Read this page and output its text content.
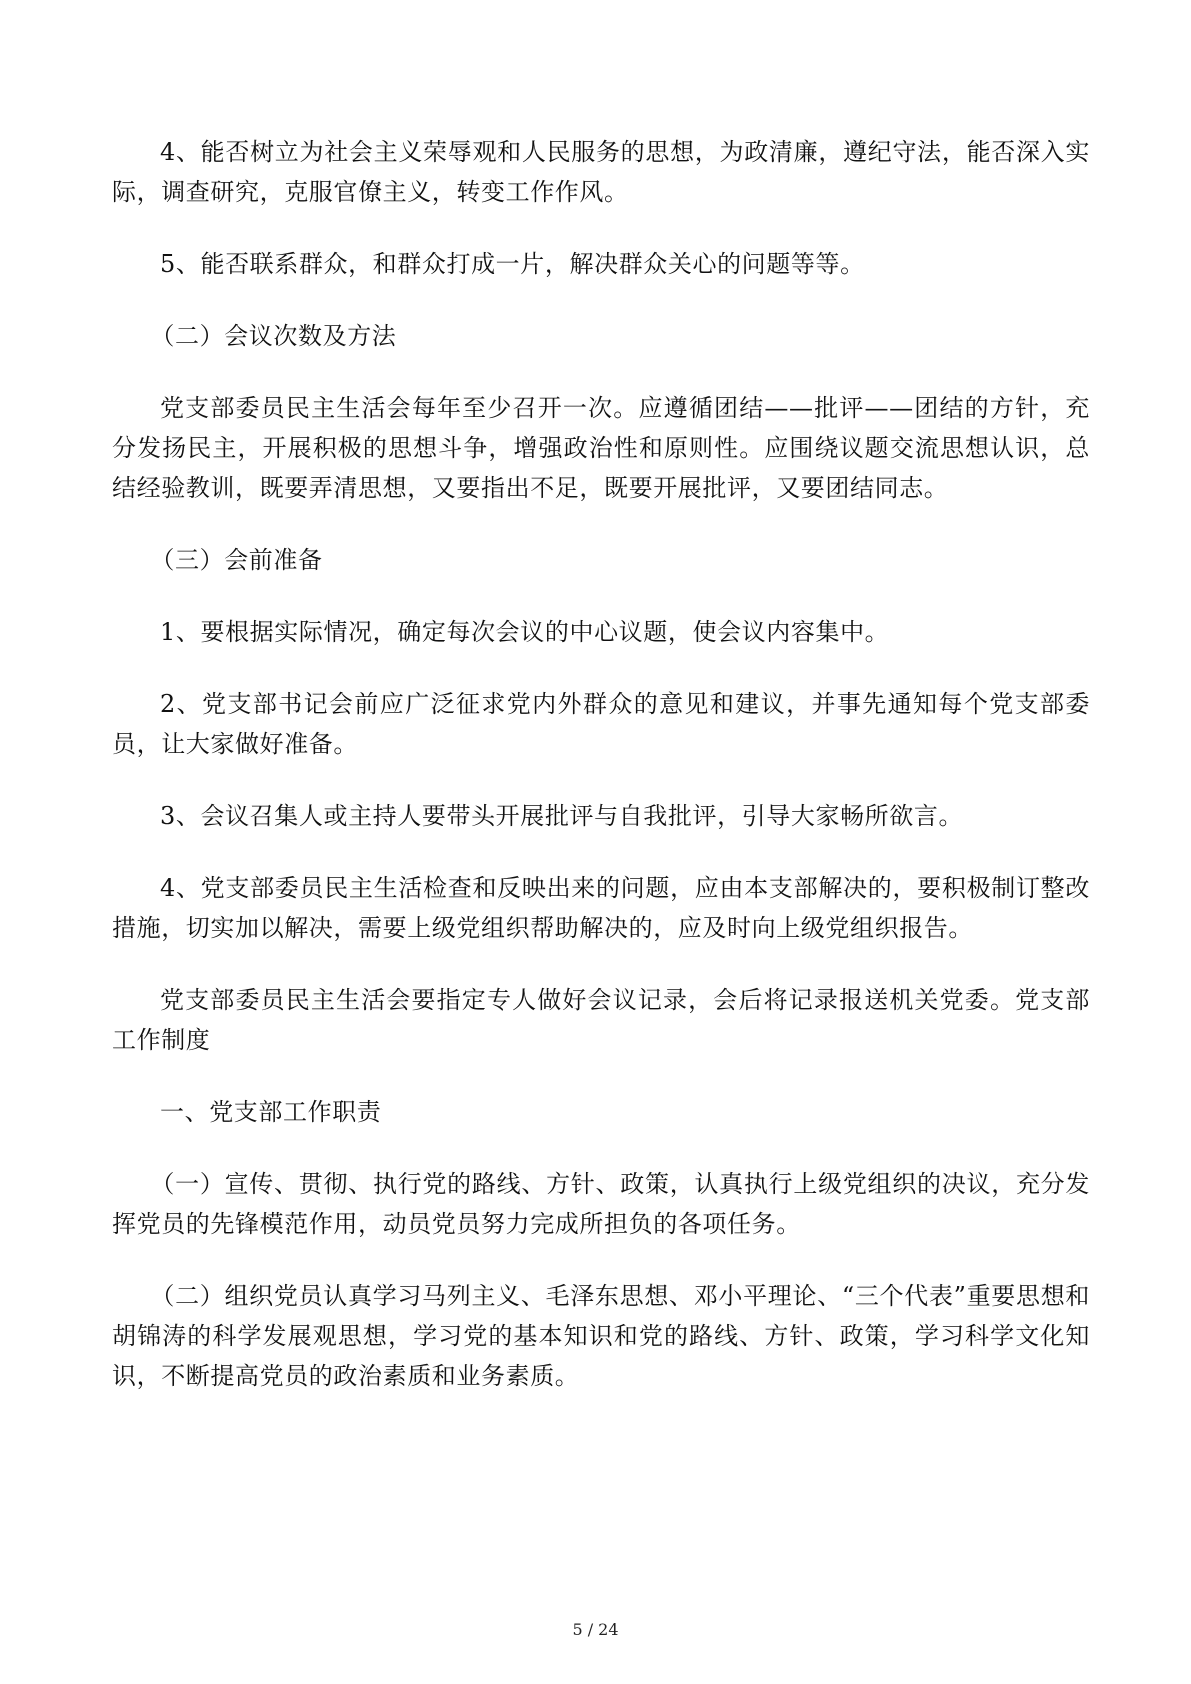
4、能否树立为社会主义荣辱观和人民服务的思想，为政清廉，遵纪守法，能否深入实际，调查研究，克服官僚主义，转变工作作风。

5、能否联系群众，和群众打成一片，解决群众关心的问题等等。

（二）会议次数及方法

党支部委员民主生活会每年至少召开一次。应遵循团结——批评——团结的方针，充分发扬民主，开展积极的思想斗争，增强政治性和原则性。应围绕议题交流思想认识，总结经验教训，既要弄清思想，又要指出不足，既要开展批评，又要团结同志。

（三）会前准备

1、要根据实际情况，确定每次会议的中心议题，使会议内容集中。

2、党支部书记会前应广泛征求党内外群众的意见和建议，并事先通知每个党支部委员，让大家做好准备。

3、会议召集人或主持人要带头开展批评与自我批评，引导大家畅所欲言。

4、党支部委员民主生活检查和反映出来的问题，应由本支部解决的，要积极制订整改措施，切实加以解决，需要上级党组织帮助解决的，应及时向上级党组织报告。

党支部委员民主生活会要指定专人做好会议记录，会后将记录报送机关党委。党支部工作制度

一、党支部工作职责

（一）宣传、贯彻、执行党的路线、方针、政策，认真执行上级党组织的决议，充分发挥党员的先锋模范作用，动员党员努力完成所担负的各项任务。

（二）组织党员认真学习马列主义、毛泽东思想、邓小平理论、“三个代表”重要思想和胡锦涛的科学发展观思想，学习党的基本知识和党的路线、方针、政策，学习科学文化知识，不断提高党员的政治素质和业务素质。

5 / 24
